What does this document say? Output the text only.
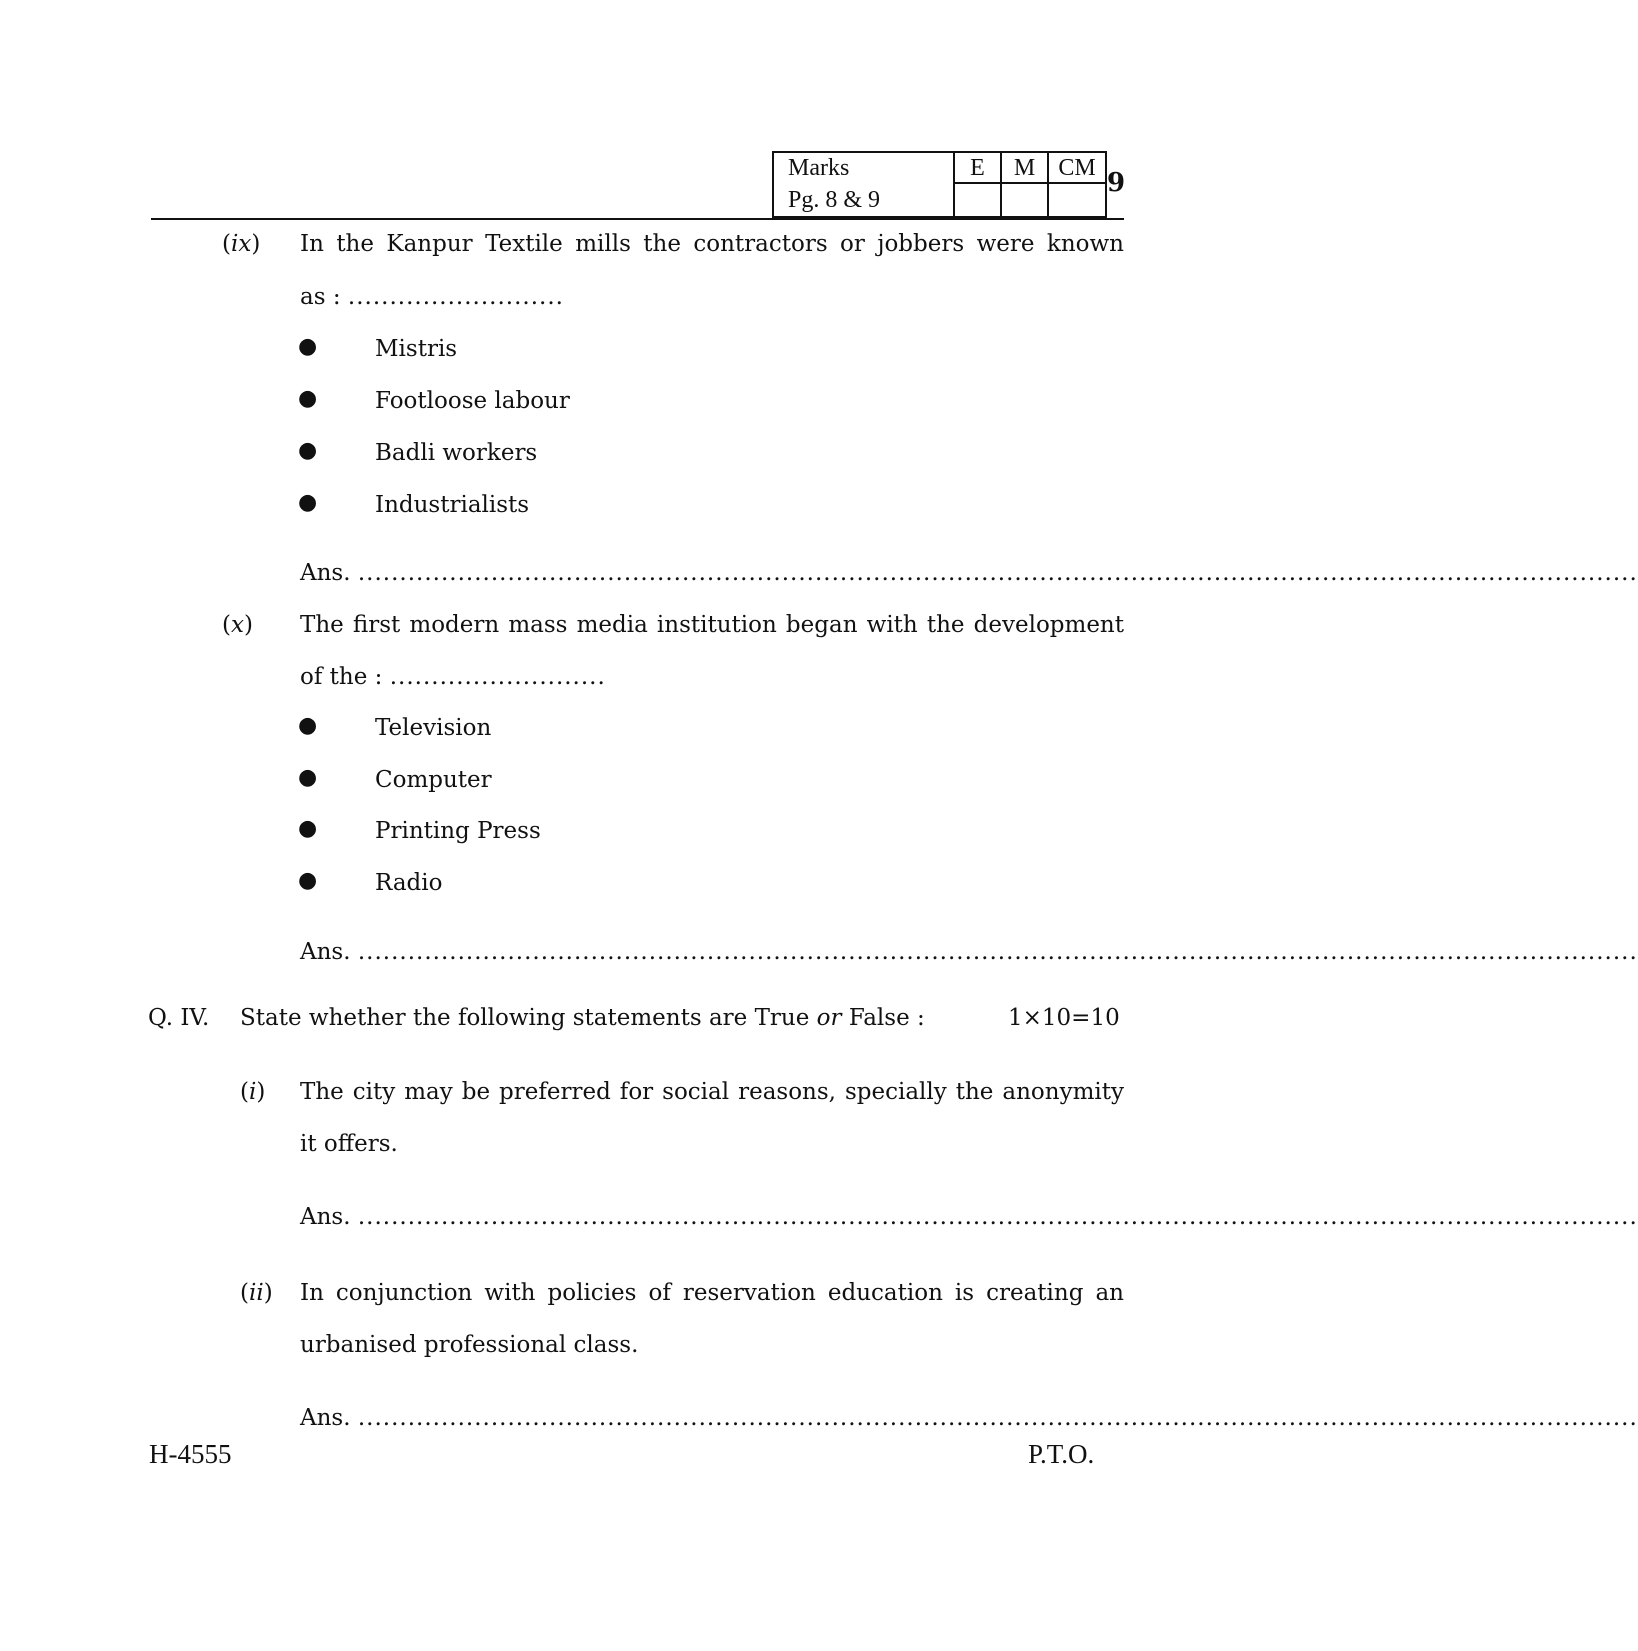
Marks	E	M	CM
Pg. 8 & 9			
9
(ix) In the Kanpur Textile mills the contractors or jobbers were known
as : ..........................
●	Mistris
●	Footloose labour
●	Badli workers
●	Industrialists
Ans. ..........................................................................................................................................................
(x) The first modern mass media institution began with the development
of the : ..........................
●	Television
●	Computer
●	Printing Press
●	Radio
Ans. ..........................................................................................................................................................
Q. IV. State whether the following statements are True or False :	1×10=10
(i) The city may be preferred for social reasons, specially the anonymity
it offers.
Ans. ..........................................................................................................................................................
(ii) In conjunction with policies of reservation education is creating an
urbanised professional class.
Ans. ..........................................................................................................................................................
H-4555	P.T.O.
